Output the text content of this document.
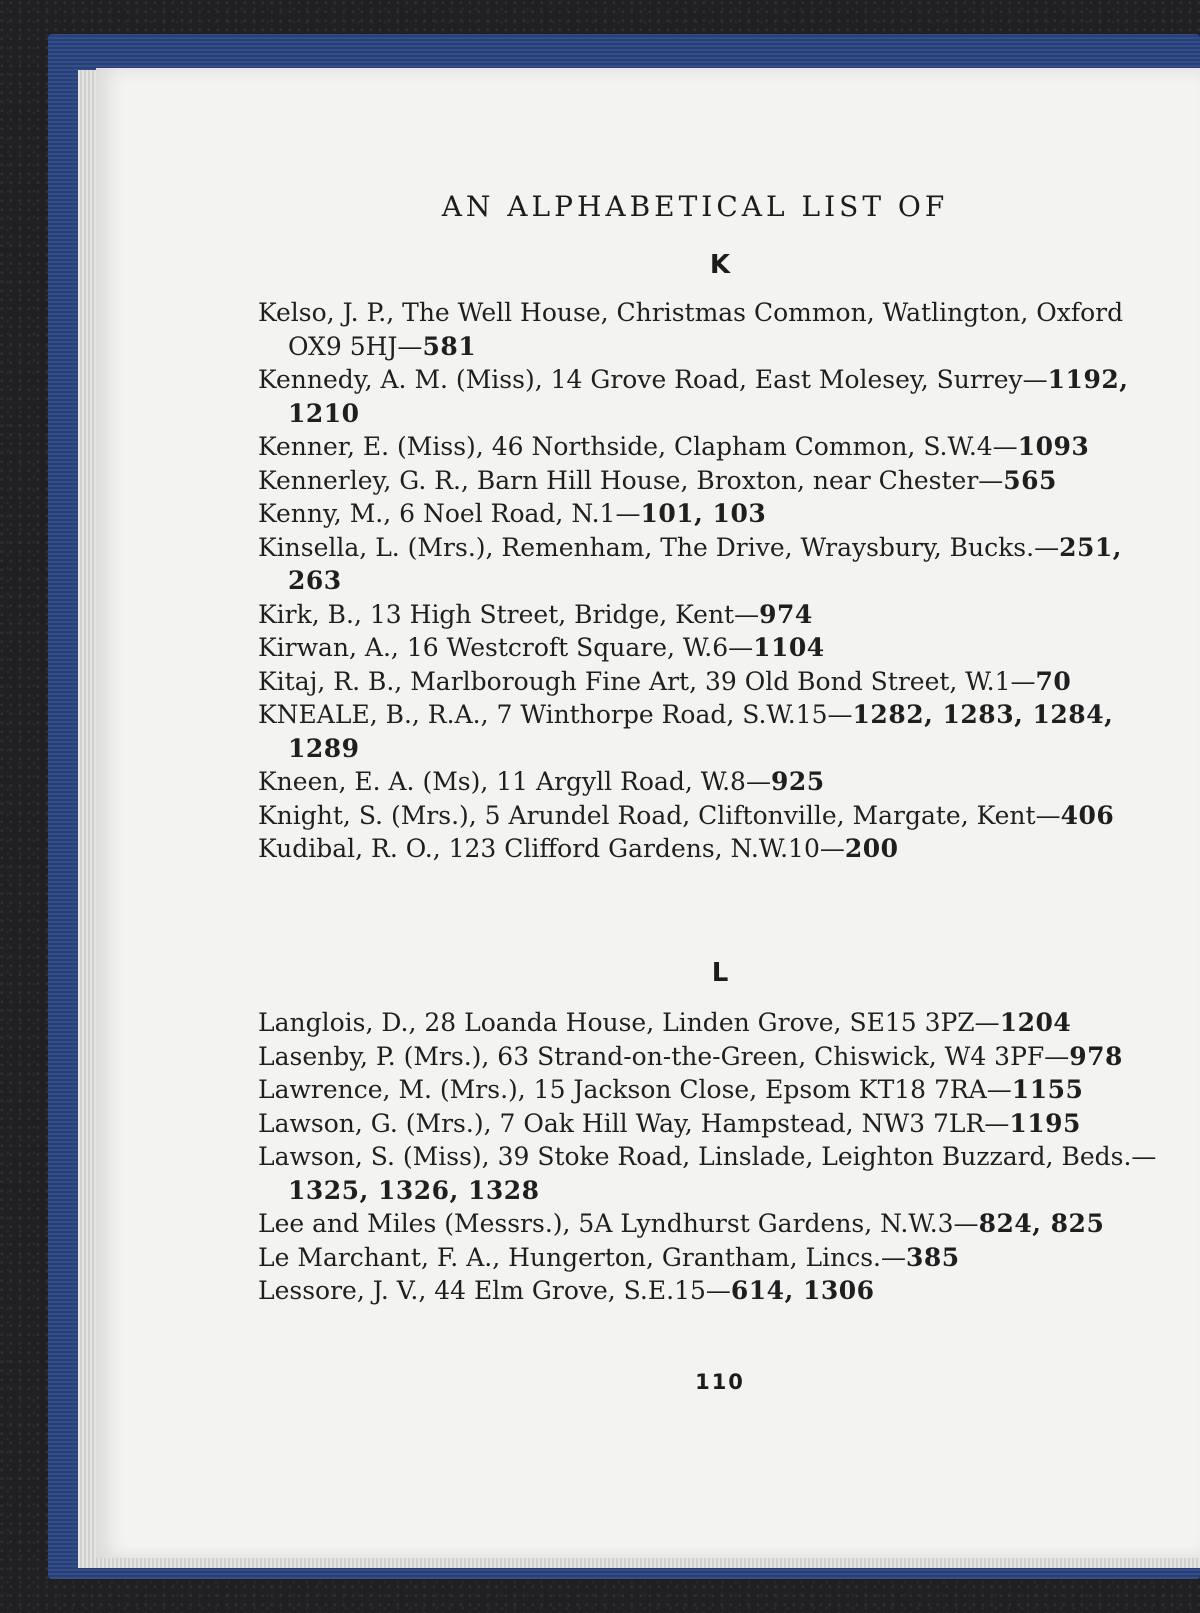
AN ALPHABETICAL LIST OF
K
Kelso, J. P., The Well House, Christmas Common, Watlington, Oxford OX9 5HJ—581
Kennedy, A. M. (Miss), 14 Grove Road, East Molesey, Surrey—1192, 1210
Kenner, E. (Miss), 46 Northside, Clapham Common, S.W.4—1093
Kennerley, G. R., Barn Hill House, Broxton, near Chester—565
Kenny, M., 6 Noel Road, N.1—101, 103
Kinsella, L. (Mrs.), Remenham, The Drive, Wraysbury, Bucks.—251, 263
Kirk, B., 13 High Street, Bridge, Kent—974
Kirwan, A., 16 Westcroft Square, W.6—1104
Kitaj, R. B., Marlborough Fine Art, 39 Old Bond Street, W.1—70
KNEALE, B., R.A., 7 Winthorpe Road, S.W.15—1282, 1283, 1284, 1289
Kneen, E. A. (Ms), 11 Argyll Road, W.8—925
Knight, S. (Mrs.), 5 Arundel Road, Cliftonville, Margate, Kent—406
Kudibal, R. O., 123 Clifford Gardens, N.W.10—200
L
Langlois, D., 28 Loanda House, Linden Grove, SE15 3PZ—1204
Lasenby, P. (Mrs.), 63 Strand-on-the-Green, Chiswick, W4 3PF—978
Lawrence, M. (Mrs.), 15 Jackson Close, Epsom KT18 7RA—1155
Lawson, G. (Mrs.), 7 Oak Hill Way, Hampstead, NW3 7LR—1195
Lawson, S. (Miss), 39 Stoke Road, Linslade, Leighton Buzzard, Beds.—1325, 1326, 1328
Lee and Miles (Messrs.), 5A Lyndhurst Gardens, N.W.3—824, 825
Le Marchant, F. A., Hungerton, Grantham, Lincs.—385
Lessore, J. V., 44 Elm Grove, S.E.15—614, 1306
110
